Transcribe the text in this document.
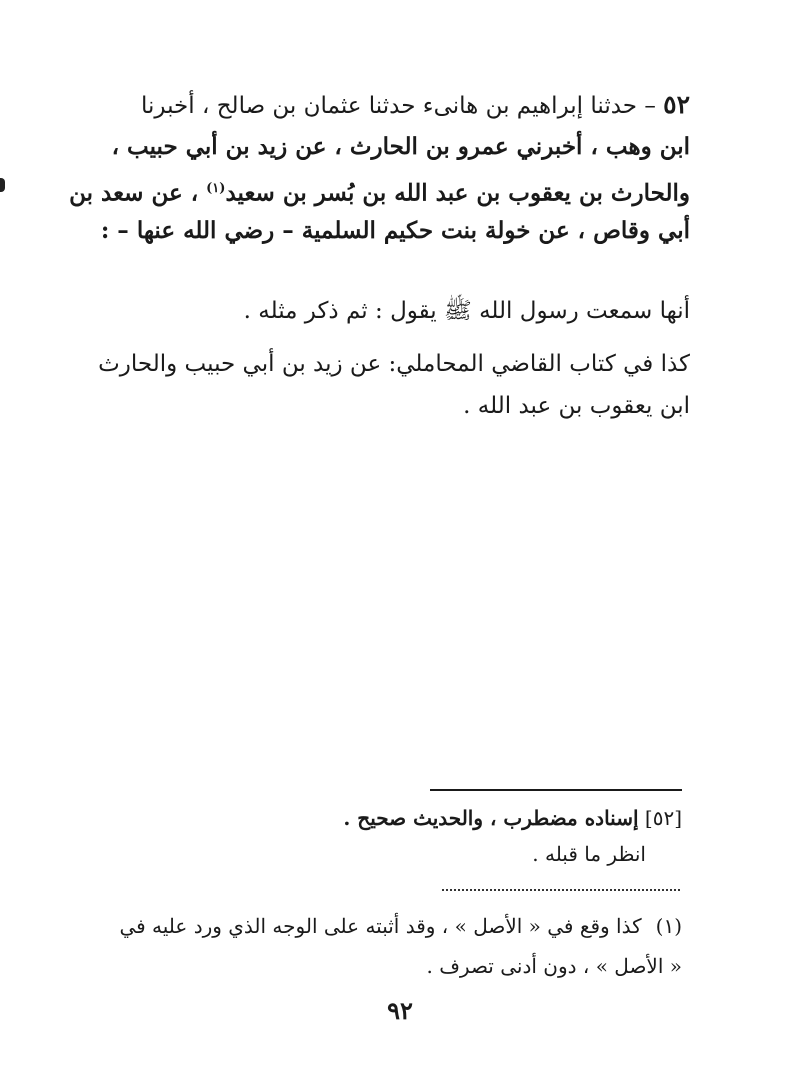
٥٢ – حدثنا إبراهيم بن هانىء حدثنا عثمان بن صالح ، أخبرنا
ابن وهب ، أخبرني عمرو بن الحارث ، عن زيد بن أبي حبيب ،
والحارث بن يعقوب بن عبد الله بن بُسر بن سعيد$^{(١)}$ ، عن سعد بن
أبي وقاص ، عن خولة بنت حكيم السلمية – رضي الله عنها – :
أنها سمعت رسول الله ﷺ يقول : ثم ذكر مثله .
كذا في كتاب القاضي المحاملي: عن زيد بن أبي حبيب والحارث
ابن يعقوب بن عبد الله .
[٥٢] إسناده مضطرب ، والحديث صحيح .
انظر ما قبله .
(١)كذا وقع في « الأصل » ، وقد أثبته على الوجه الذي ورد عليه في
« الأصل » ، دون أدنى تصرف .
٩٢
